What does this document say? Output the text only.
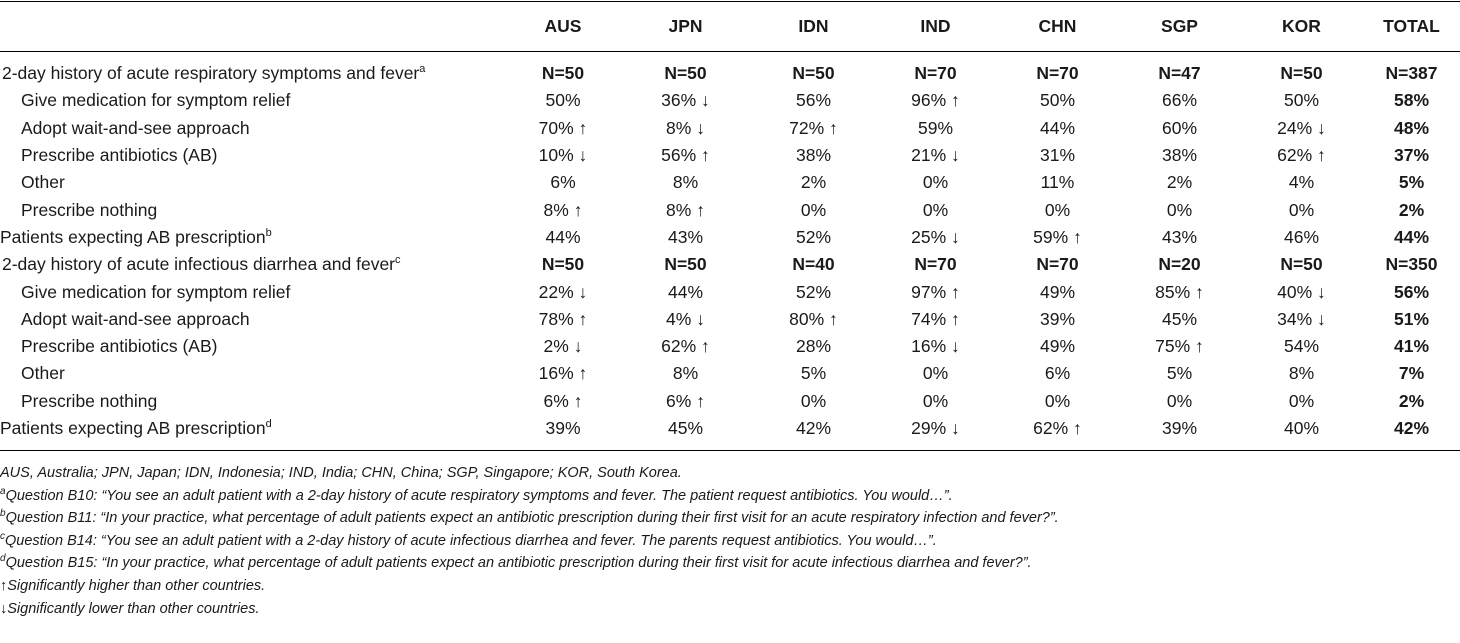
	AUS	JPN	IDN	IND	CHN	SGP	KOR	TOTAL
2-day history of acute respiratory symptoms and fever$^a$	N=50	N=50	N=50	N=70	N=70	N=47	N=50	N=387
Give medication for symptom relief	50%	36% ↓	56%	96% ↑	50%	66%	50%	58%
Adopt wait-and-see approach	70% ↑	8% ↓	72% ↑	59%	44%	60%	24% ↓	48%
Prescribe antibiotics (AB)	10% ↓	56% ↑	38%	21% ↓	31%	38%	62% ↑	37%
Other	6%	8%	2%	0%	11%	2%	4%	5%
Prescribe nothing	8% ↑	8% ↑	0%	0%	0%	0%	0%	2%
Patients expecting AB prescription$^b$	44%	43%	52%	25% ↓	59% ↑	43%	46%	44%
2-day history of acute infectious diarrhea and fever$^c$	N=50	N=50	N=40	N=70	N=70	N=20	N=50	N=350
Give medication for symptom relief	22% ↓	44%	52%	97% ↑	49%	85% ↑	40% ↓	56%
Adopt wait-and-see approach	78% ↑	4% ↓	80% ↑	74% ↑	39%	45%	34% ↓	51%
Prescribe antibiotics (AB)	2% ↓	62% ↑	28%	16% ↓	49%	75% ↑	54%	41%
Other	16% ↑	8%	5%	0%	6%	5%	8%	7%
Prescribe nothing	6% ↑	6% ↑	0%	0%	0%	0%	0%	2%
Patients expecting AB prescription$^d$	39%	45%	42%	29% ↓	62% ↑	39%	40%	42%
AUS, Australia; JPN, Japan; IDN, Indonesia; IND, India; CHN, China; SGP, Singapore; KOR, South Korea.
$^a$Question B10: “You see an adult patient with a 2-day history of acute respiratory symptoms and fever. The patient request antibiotics. You would…”.
$^b$Question B11: “In your practice, what percentage of adult patients expect an antibiotic prescription during their first visit for an acute respiratory infection and fever?”.
$^c$Question B14: “You see an adult patient with a 2-day history of acute infectious diarrhea and fever. The parents request antibiotics. You would…”.
$^d$Question B15: “In your practice, what percentage of adult patients expect an antibiotic prescription during their first visit for acute infectious diarrhea and fever?”.
↑Significantly higher than other countries.
↓Significantly lower than other countries.
